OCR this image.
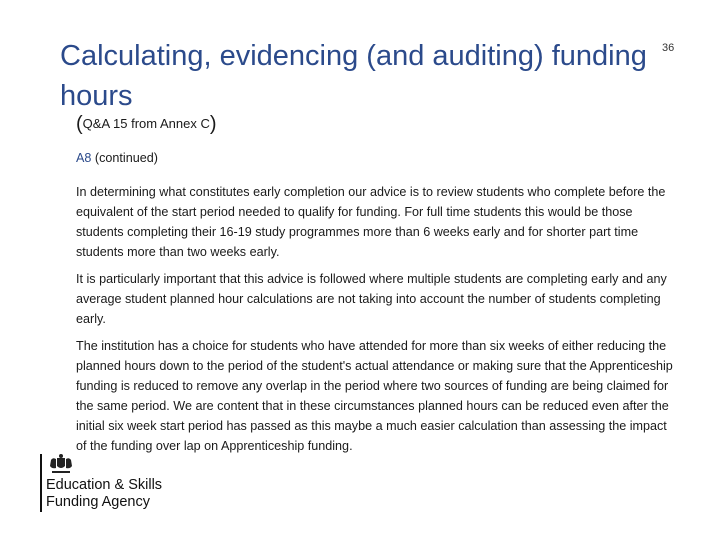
Calculating, evidencing (and auditing) funding hours
36
(Q&A 15 from Annex C)

A8 (continued)

In determining what constitutes early completion our advice is to review students who complete before the equivalent of the start period needed to qualify for funding. For full time students this would be those students completing their 16-19 study programmes more than 6 weeks early and for shorter part time students more than two weeks early.

It is particularly important that this advice is followed where multiple students are completing early and any average student planned hour calculations are not taking into account the number of students completing early.

The institution has a choice for students who have attended for more than six weeks of either reducing the planned hours down to the period of the student's actual attendance or making sure that the Apprenticeship funding is reduced to remove any overlap in the period where two sources of funding are being claimed for the same period. We are content that in these circumstances planned hours can be reduced even after the initial six week start period has passed as this maybe a much easier calculation than assessing the impact of the funding over lap on Apprenticeship funding.

Education & Skills
Funding Agency
